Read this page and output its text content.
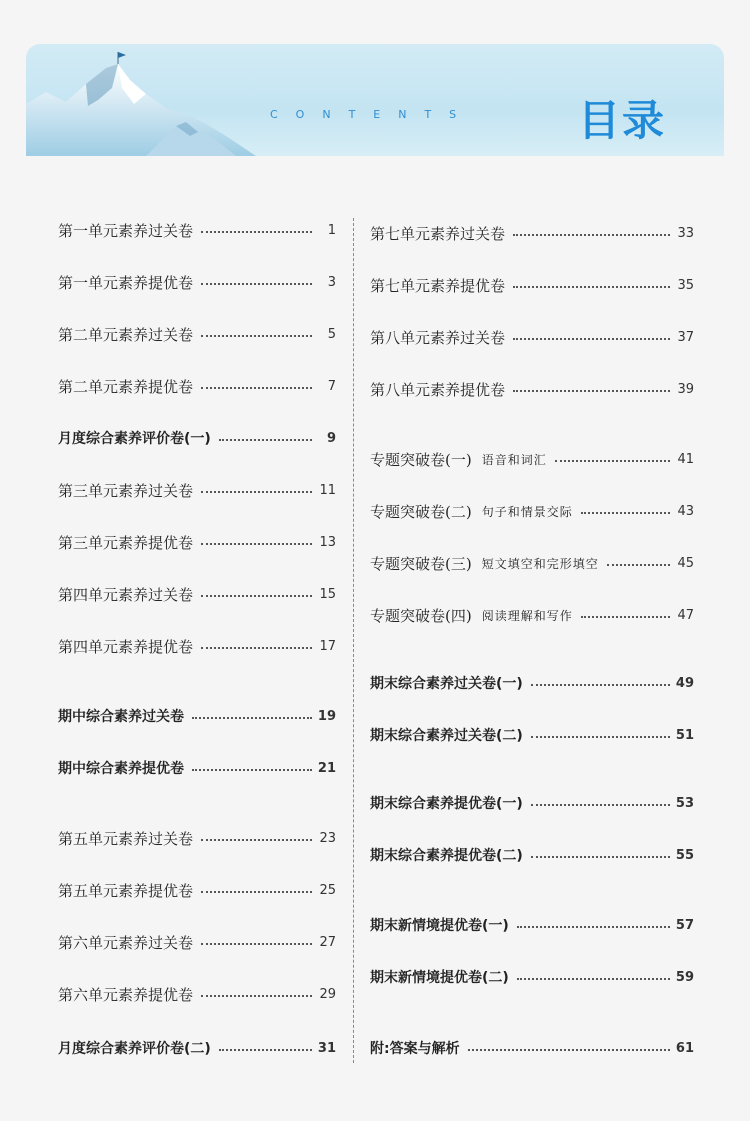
CONTENTS 目录
第一单元素养过关卷	1
第一单元素养提优卷	3
第二单元素养过关卷	5
第二单元素养提优卷	7
月度综合素养评价卷(一)	9
第三单元素养过关卷	11
第三单元素养提优卷	13
第四单元素养过关卷	15
第四单元素养提优卷	17
期中综合素养过关卷	19
期中综合素养提优卷	21
第五单元素养过关卷	23
第五单元素养提优卷	25
第六单元素养过关卷	27
第六单元素养提优卷	29
月度综合素养评价卷(二)	31
第七单元素养过关卷	33
第七单元素养提优卷	35
第八单元素养过关卷	37
第八单元素养提优卷	39
专题突破卷(一) 语音和词汇	41
专题突破卷(二) 句子和情景交际	43
专题突破卷(三) 短文填空和完形填空	45
专题突破卷(四) 阅读理解和写作	47
期末综合素养过关卷(一)	49
期末综合素养过关卷(二)	51
期末综合素养提优卷(一)	53
期末综合素养提优卷(二)	55
期末新情境提优卷(一)	57
期末新情境提优卷(二)	59
附:答案与解析	61
